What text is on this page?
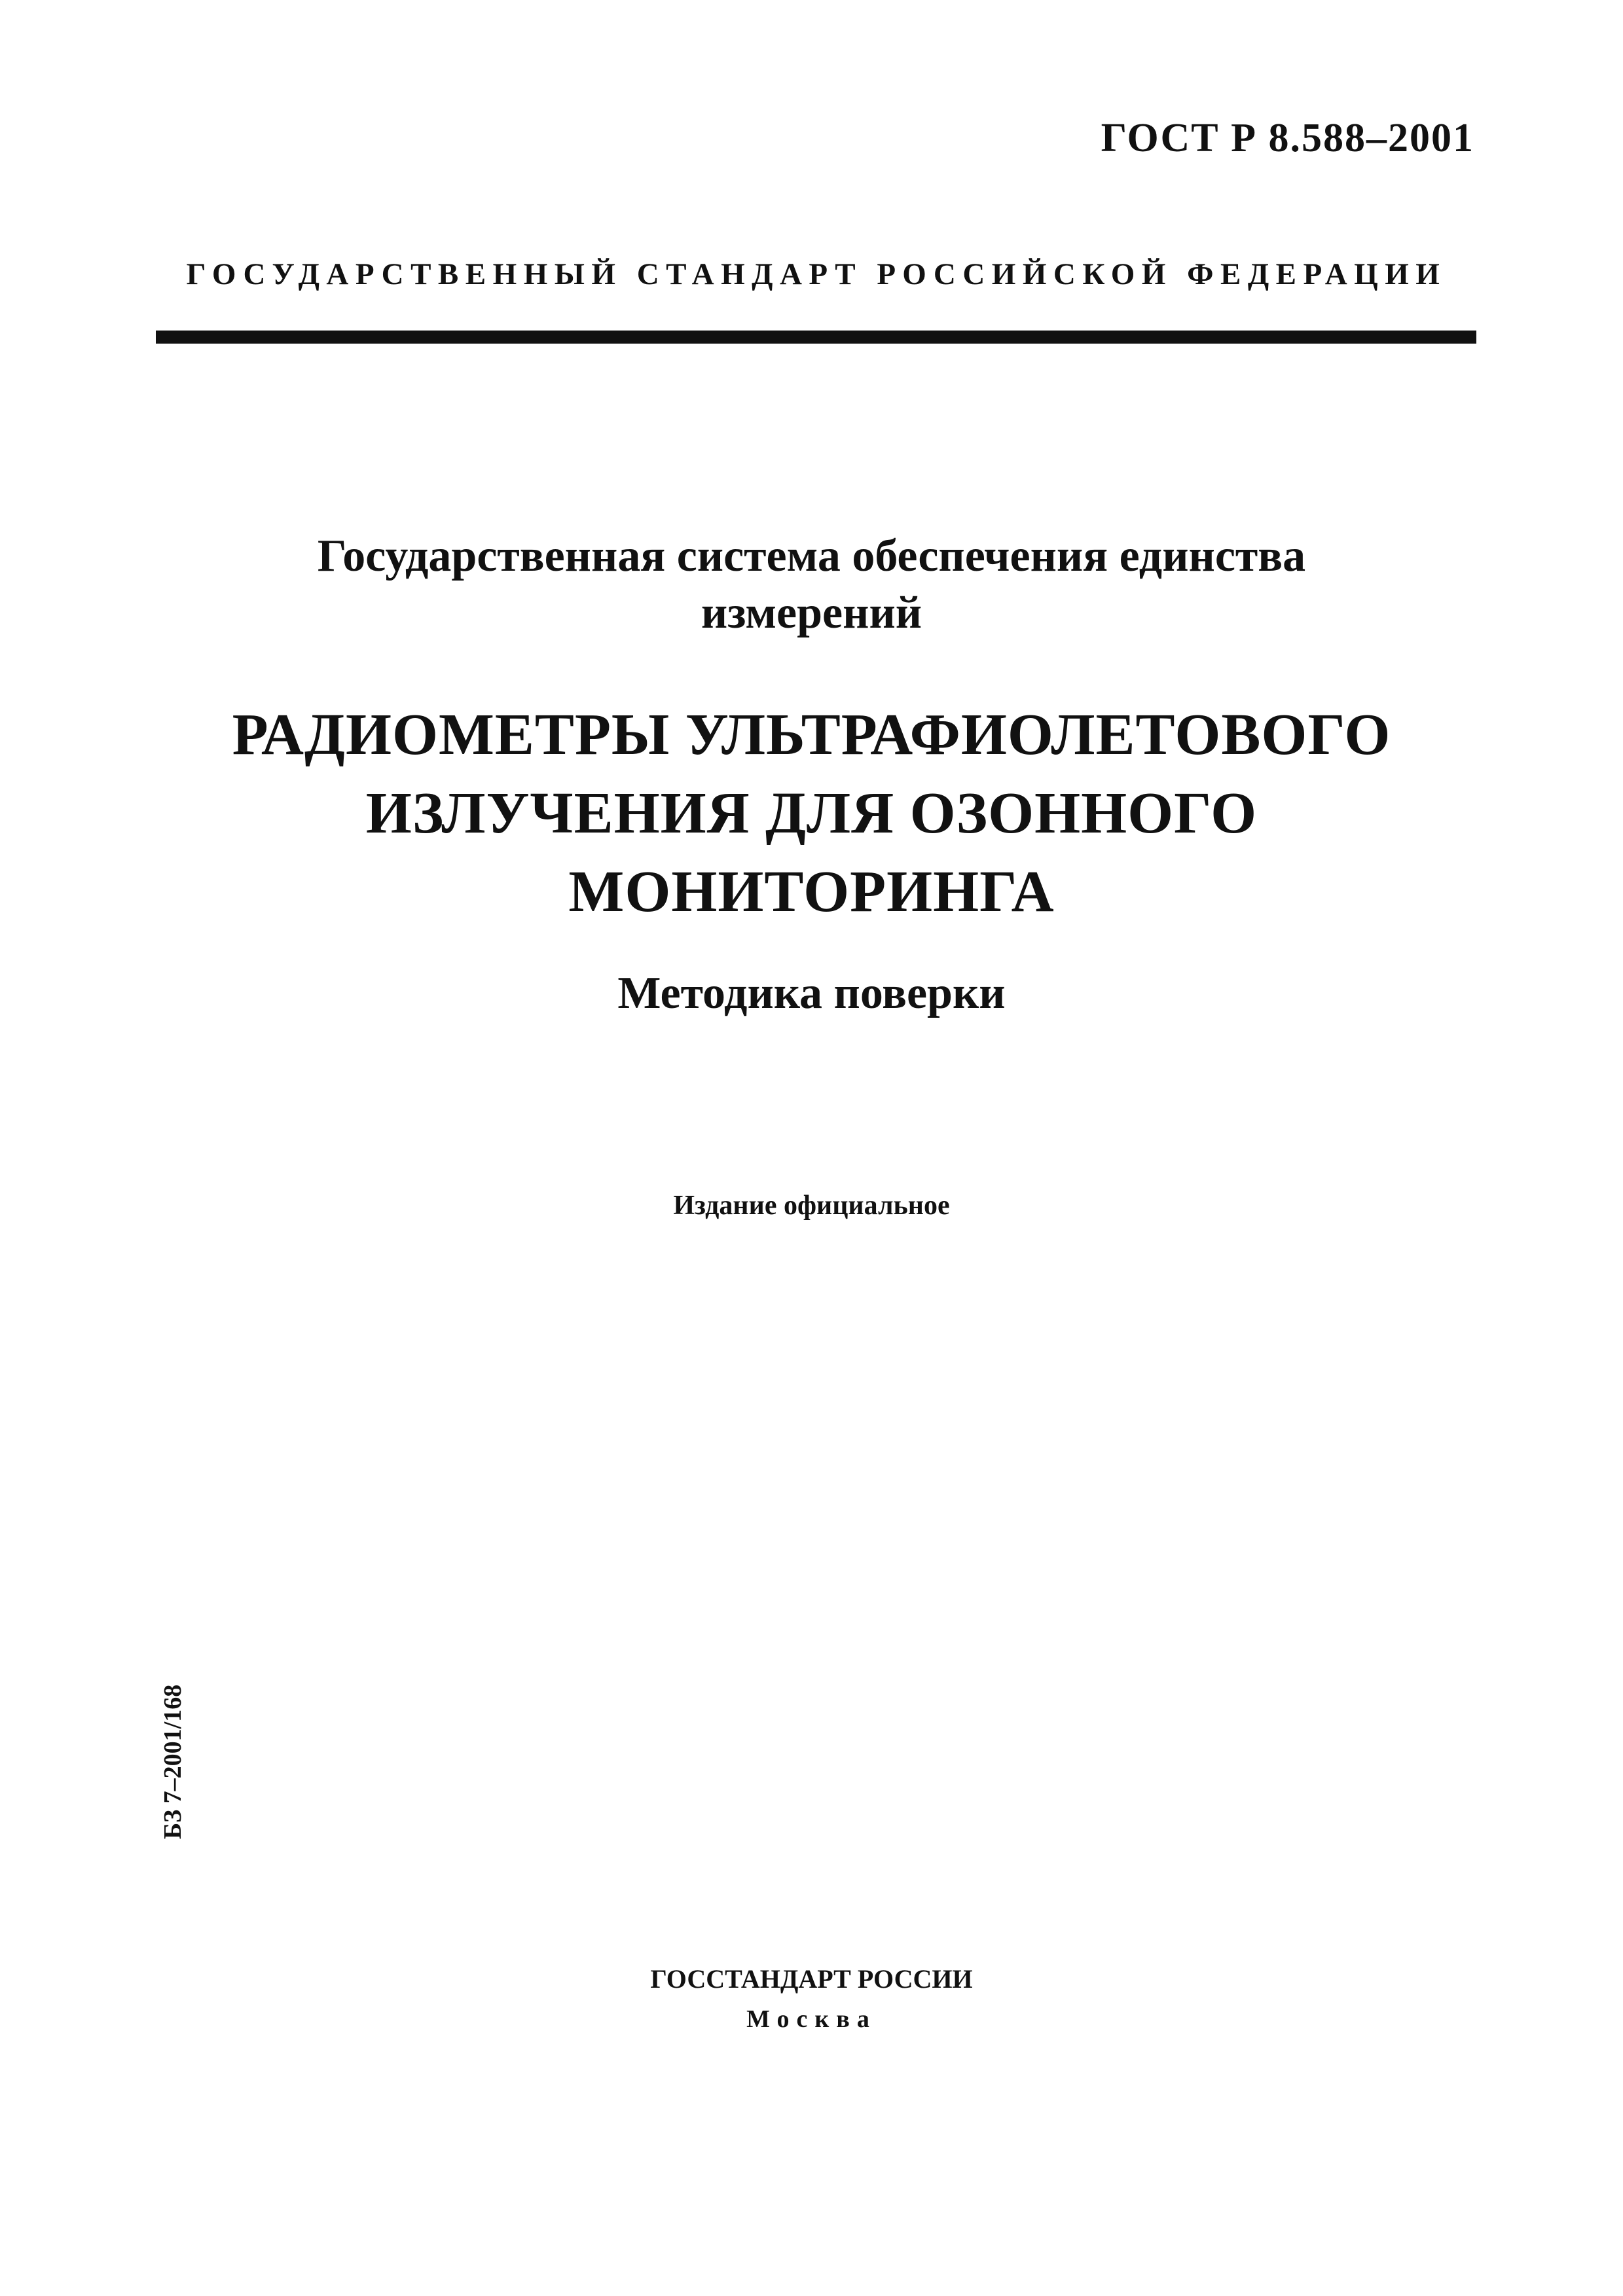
ГОСТ Р 8.588–2001
ГОСУДАРСТВЕННЫЙ СТАНДАРТ РОССИЙСКОЙ ФЕДЕРАЦИИ
Государственная система обеспечения единства
измерений
РАДИОМЕТРЫ УЛЬТРАФИОЛЕТОВОГО
ИЗЛУЧЕНИЯ ДЛЯ ОЗОННОГО
МОНИТОРИНГА
Методика поверки
Издание официальное
БЗ 7–2001/168
ГОССТАНДАРТ РОССИИ
Москва
